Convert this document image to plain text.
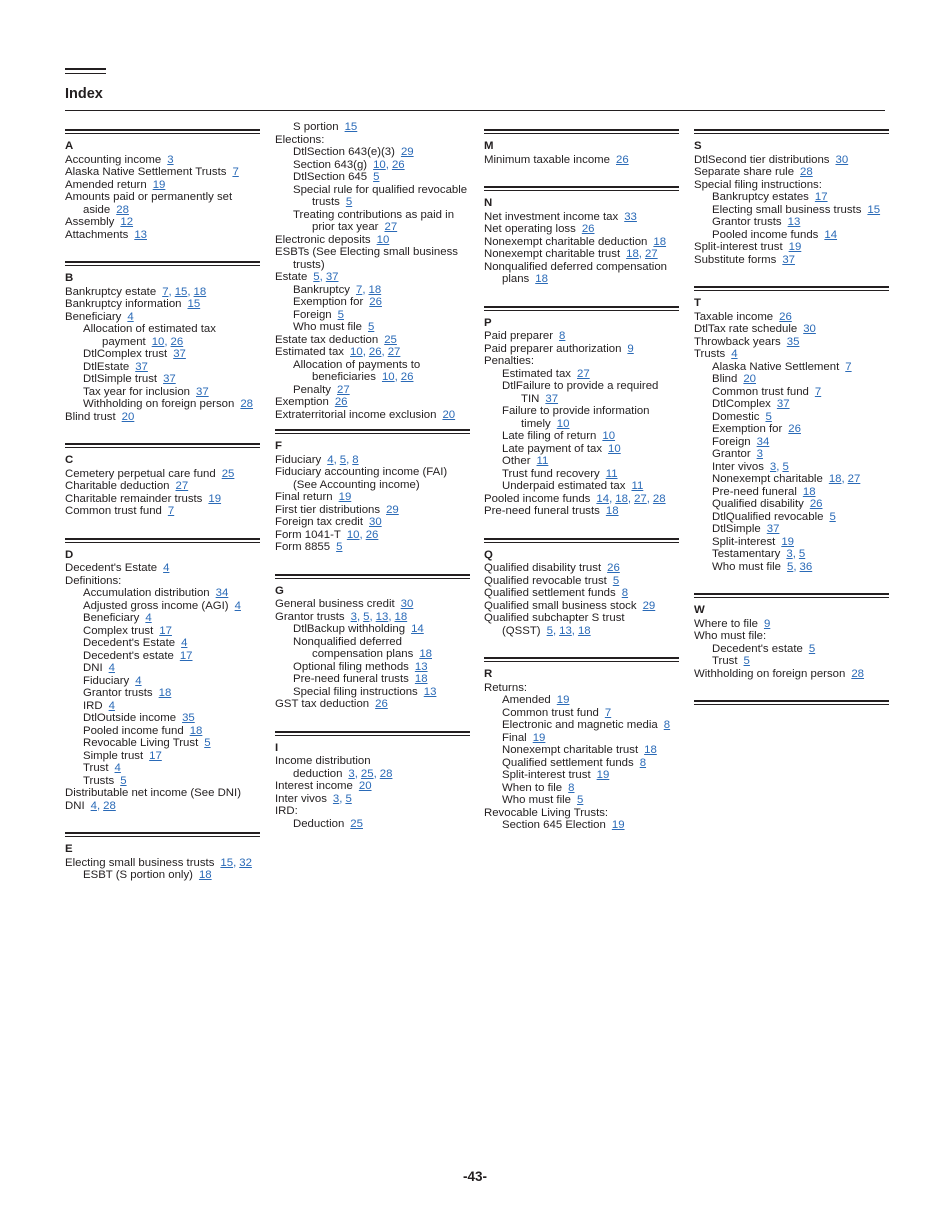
Index
A
Accounting income 3
Alaska Native Settlement Trusts 7
Amended return 19
Amounts paid or permanently set aside 28
Assembly 12
Attachments 13
B
Bankruptcy estate 7, 15, 18
Bankruptcy information 15
Beneficiary 4
Allocation of estimated tax payment 10, 26
DtlComplex trust 37
DtlEstate 37
DtlSimple trust 37
Tax year for inclusion 37
Withholding on foreign person 28
Blind trust 20
C
Cemetery perpetual care fund 25
Charitable deduction 27
Charitable remainder trusts 19
Common trust fund 7
D
Decedent's Estate 4
Definitions:
Accumulation distribution 34
Adjusted gross income (AGI) 4
Beneficiary 4
Complex trust 17
Decedent's Estate 4
Decedent's estate 17
DNI 4
Fiduciary 4
Grantor trusts 18
IRD 4
DtlOutside income 35
Pooled income fund 18
Revocable Living Trust 5
Simple trust 17
Trust 4
Trusts 5
Distributable net income (See DNI)
DNI 4, 28
E
Electing small business trusts 15, 32
ESBT (S portion only) 18
S portion 15
Elections:
DtlSection 643(e)(3) 29
Section 643(g) 10, 26
DtlSection 645 5
Special rule for qualified revocable trusts 5
Treating contributions as paid in prior tax year 27
Electronic deposits 10
ESBTs (See Electing small business trusts)
Estate 5, 37
Bankruptcy 7, 18
Exemption for 26
Foreign 5
Who must file 5
Estate tax deduction 25
Estimated tax 10, 26, 27
Allocation of payments to beneficiaries 10, 26
Penalty 27
Exemption 26
Extraterritorial income exclusion 20
F
Fiduciary 4, 5, 8
Fiduciary accounting income (FAI) (See Accounting income)
Final return 19
First tier distributions 29
Foreign tax credit 30
Form 1041-T 10, 26
Form 8855 5
G
General business credit 30
Grantor trusts 3, 5, 13, 18
DtlBackup withholding 14
Nonqualified deferred compensation plans 18
Optional filing methods 13
Pre-need funeral trusts 18
Special filing instructions 13
GST tax deduction 26
I
Income distribution deduction 3, 25, 28
Interest income 20
Inter vivos 3, 5
IRD:
Deduction 25
M
Minimum taxable income 26
N
Net investment income tax 33
Net operating loss 26
Nonexempt charitable deduction 18
Nonexempt charitable trust 18, 27
Nonqualified deferred compensation plans 18
P
Paid preparer 8
Paid preparer authorization 9
Penalties:
Estimated tax 27
DtlFailure to provide a required TIN 37
Failure to provide information timely 10
Late filing of return 10
Late payment of tax 10
Other 11
Trust fund recovery 11
Underpaid estimated tax 11
Pooled income funds 14, 18, 27, 28
Pre-need funeral trusts 18
Q
Qualified disability trust 26
Qualified revocable trust 5
Qualified settlement funds 8
Qualified small business stock 29
Qualified subchapter S trust (QSST) 5, 13, 18
R
Returns:
Amended 19
Common trust fund 7
Electronic and magnetic media 8
Final 19
Nonexempt charitable trust 18
Qualified settlement funds 8
Split-interest trust 19
When to file 8
Who must file 5
Revocable Living Trusts:
Section 645 Election 19
S
DtlSecond tier distributions 30
Separate share rule 28
Special filing instructions:
Bankruptcy estates 17
Electing small business trusts 15
Grantor trusts 13
Pooled income funds 14
Split-interest trust 19
Substitute forms 37
T
Taxable income 26
DtlTax rate schedule 30
Throwback years 35
Trusts 4
Alaska Native Settlement 7
Blind 20
Common trust fund 7
DtlComplex 37
Domestic 5
Exemption for 26
Foreign 34
Grantor 3
Inter vivos 3, 5
Nonexempt charitable 18, 27
Pre-need funeral 18
Qualified disability 26
DtlQualified revocable 5
DtlSimple 37
Split-interest 19
Testamentary 3, 5
Who must file 5, 36
W
Where to file 9
Who must file:
Decedent's estate 5
Trust 5
Withholding on foreign person 28
-43-
